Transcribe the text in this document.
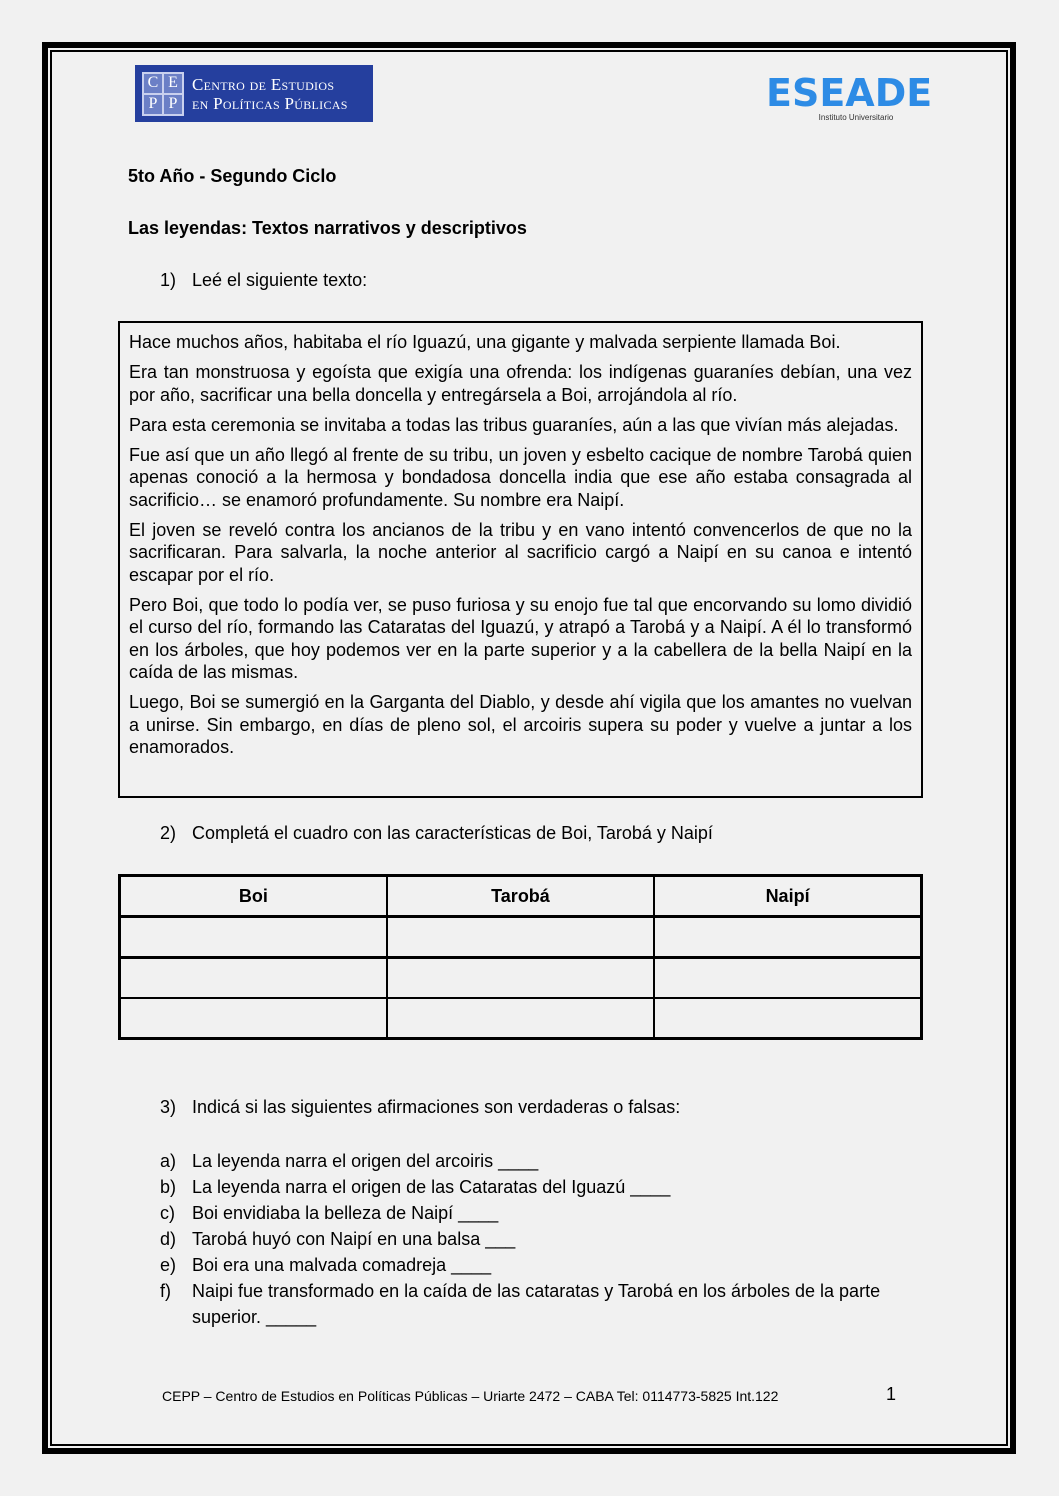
C E
P P
Centro de Estudios
en Políticas Públicas	ESEADE
Instituto Universitario
5to Año - Segundo Ciclo
Las leyendas: Textos narrativos y descriptivos
1) Leé el siguiente texto:

Hace muchos años, habitaba el río Iguazú, una gigante y malvada serpiente llamada Boi.

Era tan monstruosa y egoísta que exigía una ofrenda: los indígenas guaraníes debían, una vez por año, sacrificar una bella doncella y entregársela a Boi, arrojándola al río.

Para esta ceremonia se invitaba a todas las tribus guaraníes, aún a las que vivían más alejadas.

Fue así que un año llegó al frente de su tribu, un joven y esbelto cacique de nombre Tarobá quien apenas conoció a la hermosa y bondadosa doncella india que ese año estaba consagrada al sacrificio… se enamoró profundamente. Su nombre era Naipí.

El joven se reveló contra los ancianos de la tribu y en vano intentó convencerlos de que no la sacrificaran. Para salvarla, la noche anterior al sacrificio cargó a Naipí en su canoa e intentó escapar por el río.

Pero Boi, que todo lo podía ver, se puso furiosa y su enojo fue tal que encorvando su lomo dividió el curso del río, formando las Cataratas del Iguazú, y atrapó a Tarobá y a Naipí. A él lo transformó en los árboles, que hoy podemos ver en la parte superior y a la cabellera de la bella Naipí en la caída de las mismas.

Luego, Boi se sumergió en la Garganta del Diablo, y desde ahí vigila que los amantes no vuelvan a unirse. Sin embargo, en días de pleno sol, el arcoiris supera su poder y vuelve a juntar a los enamorados.

2) Completá el cuadro con las características de Boi, Tarobá y Naipí
Boi	Tarobá	Naipí

3) Indicá si las siguientes afirmaciones son verdaderas o falsas:
a) La leyenda narra el origen del arcoiris ____
b) La leyenda narra el origen de las Cataratas del Iguazú ____
c) Boi envidiaba la belleza de Naipí ____
d) Tarobá huyó con Naipí en una balsa ___
e) Boi era una malvada comadreja ____
f)	Naipi fue transformado en la caída de las cataratas y Tarobá en los árboles de la parte superior. _____
CEPP – Centro de Estudios en Políticas Públicas – Uriarte 2472 – CABA Tel: 0114773-5825 Int.122	1
